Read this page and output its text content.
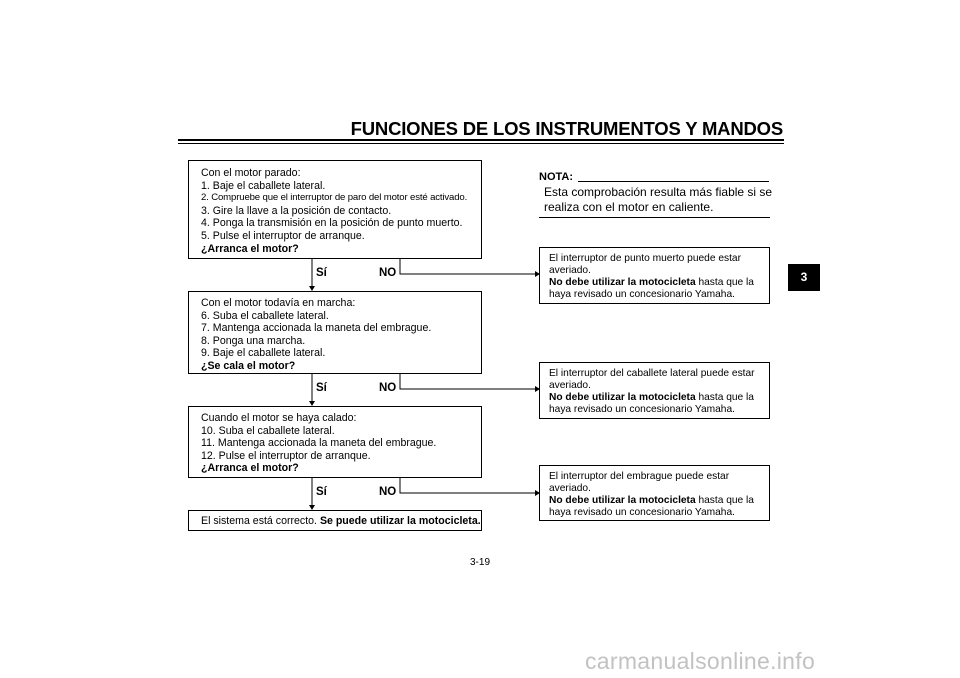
FUNCIONES DE LOS INSTRUMENTOS Y MANDOS
Con el motor parado:
1. Baje el caballete lateral.
2. Compruebe que el interruptor de paro del motor esté activado.
3. Gire la llave a la posición de contacto.
4. Ponga la transmisión en la posición de punto muerto.
5. Pulse el interruptor de arranque.
¿Arranca el motor?
Sí	NO
Con el motor todavía en marcha:
6. Suba el caballete lateral.
7. Mantenga accionada la maneta del embrague.
8. Ponga una marcha.
9. Baje el caballete lateral.
¿Se cala el motor?
Sí	NO
Cuando el motor se haya calado:
10. Suba el caballete lateral.
11. Mantenga accionada la maneta del embrague.
12. Pulse el interruptor de arranque.
¿Arranca el motor?
Sí	NO
El sistema está correcto. Se puede utilizar la motocicleta.
NOTA:
Esta comprobación resulta más fiable si se realiza con el motor en caliente.
El interruptor de punto muerto puede estar
averiado.
No debe utilizar la motocicleta hasta que la
haya revisado un concesionario Yamaha.
El interruptor del caballete lateral puede estar
averiado.
No debe utilizar la motocicleta hasta que la
haya revisado un concesionario Yamaha.
El interruptor del embrague puede estar
averiado.
No debe utilizar la motocicleta hasta que la
haya revisado un concesionario Yamaha.
3
3-19
carmanualsonline.info
